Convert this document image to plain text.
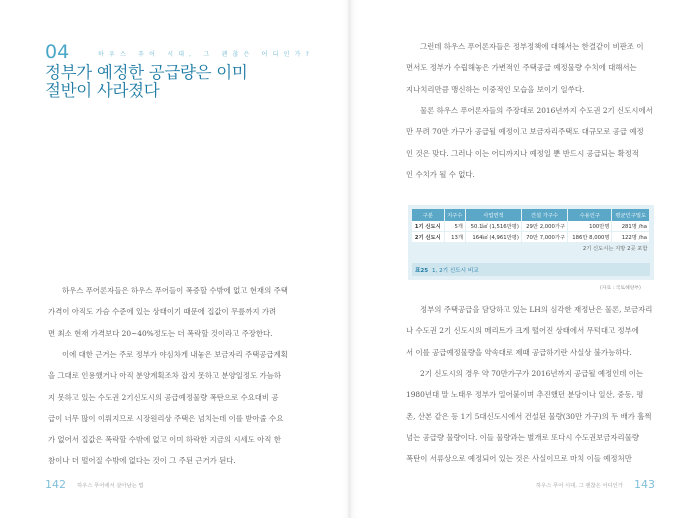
04	하우스 푸어 시대, 그 괜찮은 어디인가?
정부가 예정한 공급량은 이미
절반이 사라졌다

하우스 푸어론자들은 하우스 푸어들이 폭증할 수밖에 없고 현재의 주택
가격이 아직도 가슴 수준에 있는 상태이기 때문에 집값이 무릎까지 가려
면 최소 현재 가격보다 20~40%정도는 더 폭락할 것이라고 주장한다.

이에 대한 근거는 주로 정부가 야심차게 내놓은 보금자리 주택공급계획
을 그대로 인용했거나 아직 분양계획조차 잡지 못하고 분양일정도 가늠하
지 못하고 있는 수도권 2기신도시의 공급예정물량 폭탄으로 수요대비 공
급이 너무 많이 이뤄지므로 시장원리상 주택은 넘치는데 이를 받아줄 수요
가 없어서 집값은 폭락할 수밖에 없고 이미 하락한 지금의 시세도 아직 한
참이나 더 떨어질 수밖에 없다는 것이 그 주된 근거가 된다.

142 하우스 푸어에서 살아남는 법

그런데 하우스 푸어론자들은 정부정책에 대해서는 한결같이 비판조 이
면서도 정부가 수립해놓은 가변적인 주택공급 예정물량 수치에 대해서는
지나치리만큼 맹신하는 이중적인 모습을 보이기 일쑤다.

물론 하우스 푸어론자들의 주장대로 2016년까지 수도권 2기 신도시에서
만 무려 70만 가구가 공급될 예정이고 보금자리주택도 대규모로 공급 예정
인 것은 맞다. 그러나 이는 어디까지나 예정일 뿐 반드시 공급되는 확정적
인 수치가 될 수 없다.

구분	지구수	사업면적	건설 가구수	수용인구	평균인구밀도
1기 신도시	5개	50.1㎢ (1,516만평)	29만 2,000가구	100만명	281명 /ha
2기 신도시	13개	164㎢ (4,961만평)	70만 7,000가구	186만 8,000명	122명 /ha
2기 신도시는 지방 2곳 포함					
표25 1, 2기 신도시 비교
(자료 : 국토해양부)

정부의 주택공급을 담당하고 있는 LH의 심각한 재정난은 물론, 보금자리
나 수도권 2기 신도시의 메리트가 크게 떨어진 상태에서 무턱대고 정부에
서 이를 공급예정물량을 약속대로 제때 공급하기란 사실상 불가능하다.

2기 신도시의 경우 약 70만가구가 2016년까지 공급될 예정인데 이는
1980년대 말 노태우 정부가 밀어붙이며 추진했던 분당이나 일산, 중동, 평
촌, 산본 같은 등 1기 5대신도시에서 건설된 물량(30만 가구)의 두 배가 훌쩍
넘는 공급량 물량이다. 이들 물량과는 별개로 또다시 수도권보금자리물량
폭탄이 서류상으로 예정되어 있는 것은 사실이므로 마치 이들 예정처만

하우스 푸어 시대, 그 괜찮은 어디인가 143
